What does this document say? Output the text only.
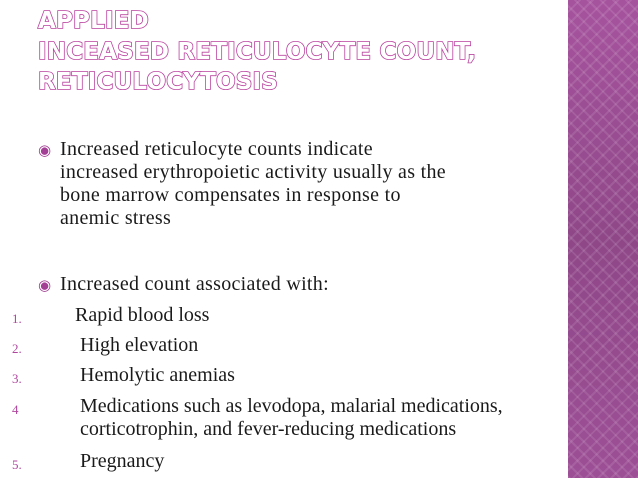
APPLIED
INCEASED RETICULOCYTE COUNT,
RETICULOCYTOSIS
◉ Increased reticulocyte counts indicate
increased erythropoietic activity usually as the
bone marrow compensates in response to
anemic stress
◉ Increased count associated with:
1.	Rapid blood loss
2.	High elevation
3.	Hemolytic anemias
4	Medications such as levodopa, malarial medications,
corticotrophin, and fever-reducing medications
5.	Pregnancy
